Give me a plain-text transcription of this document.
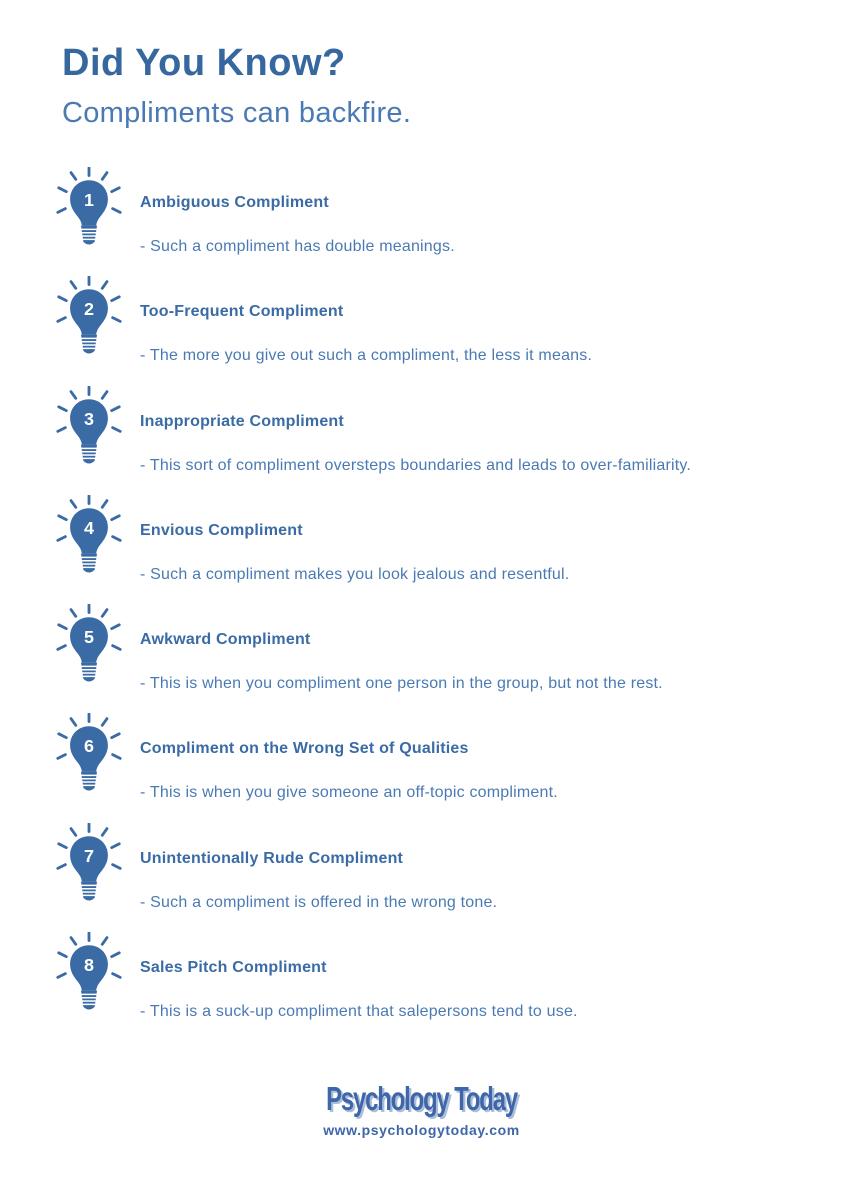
Did You Know?

Compliments can backfire.

1	Ambiguous Compliment
- Such a compliment has double meanings.
2	Too-Frequent Compliment
- The more you give out such a compliment, the less it means.
3	Inappropriate Compliment
- This sort of compliment oversteps boundaries and leads to over-familiarity.
4	Envious Compliment
- Such a compliment makes you look jealous and resentful.
5	Awkward Compliment
- This is when you compliment one person in the group, but not the rest.
6	Compliment on the Wrong Set of Qualities
- This is when you give someone an off-topic compliment.
7	Unintentionally Rude Compliment
- Such a compliment is offered in the wrong tone.
8	Sales Pitch Compliment
- This is a suck-up compliment that salepersons tend to use.
Psychology Today
www.psychologytoday.com
